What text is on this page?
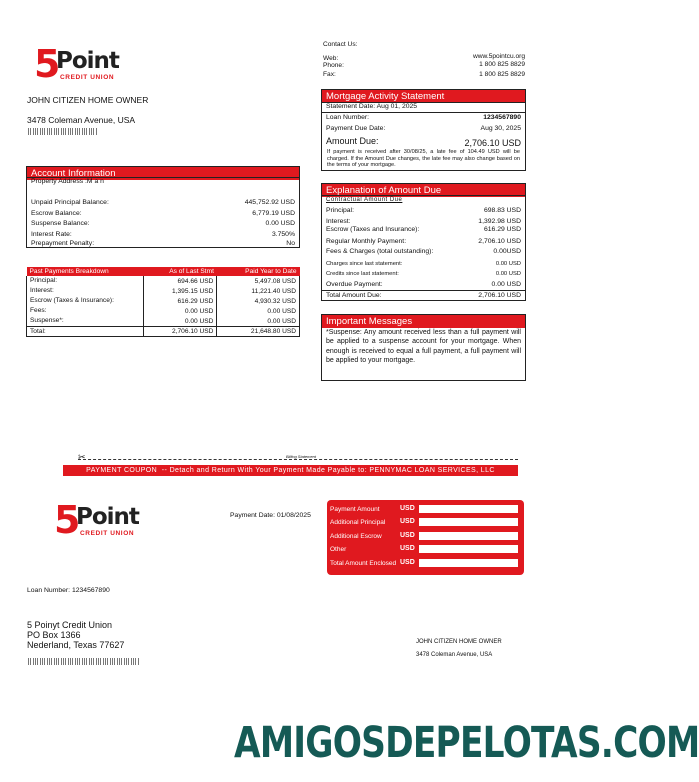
5
Point
CREDIT UNION
Contact Us:
Web:	www.5pointcu.org
Phone:	1 800 825 8829
Fax:	1 800 825 8829
JOHN CITIZEN HOME OWNER
3478 Coleman Avenue, USA
Mortgage Activity Statement
Statement Date: Aug 01, 2025
Loan Number:	1234567890
Payment Due Date:	Aug 30, 2025
Amount Due:	2,706.10 USD
If payment is received after 30/08/25, a late fee of 104.49 USD will be charged. If the Amount Due changes, the late fee may also change based on the terms of your mortgage.
Account Information
Property Address :M a n
Unpaid Principal Balance:	445,752.92 USD
Escrow Balance:	6,779.19 USD
Suspense Balance:	0.00 USD
Interest Rate:	3.750%
Prepayment Penalty:	No
Past Payments Breakdown	As of Last Stmt	Paid Year to Date
Principal:	694.66 USD	5,497.08 USD
Interest:	1,395.15 USD	11,221.40 USD
Escrow (Taxes & Insurance):	616.29 USD	4,930.32 USD
Fees:	0.00 USD	0.00 USD
Suspense*:	0.00 USD	0.00 USD
Total:	2,706.10 USD	21,648.80 USD
Explanation of Amount Due
Contractual Amount Due
Principal:	698.83 USD
Interest:	1,392.98 USD
Escrow (Taxes and Insurance):	616.29 USD
Regular Monthly Payment:	2,706.10 USD
Fees & Charges (total outstanding):	0.00USD
Charges since last statement:	0.00 USD
Credits since last statement:	0.00 USD
Overdue Payment:	0.00 USD
Total Amount Due:	2,706.10 USD
Important Messages
*Suspense: Any amount received less than a full payment will be applied to a suspense account for your mortgage. When enough is received to equal a full payment, a full payment will be applied to your mortgage.
✂	Billing Statement
PAYMENT COUPON  -- Detach and Return With Your Payment Made Payable to: PENNYMAC LOAN SERVICES, LLC
5
Point
CREDIT UNION
Payment Date: 01/08/2025
Payment Amount	USD
Additional Principal USD
Additional Escrow	USD
Other	USD
Total Amount Enclosed USD
Loan Number: 1234567890
5 Poinyt Credit Union
PO Box 1366
Nederland, Texas 77627	JOHN CITIZEN HOME OWNER
3478 Coleman Avenue, USA
AMIGOSDEPELOTAS.COM
